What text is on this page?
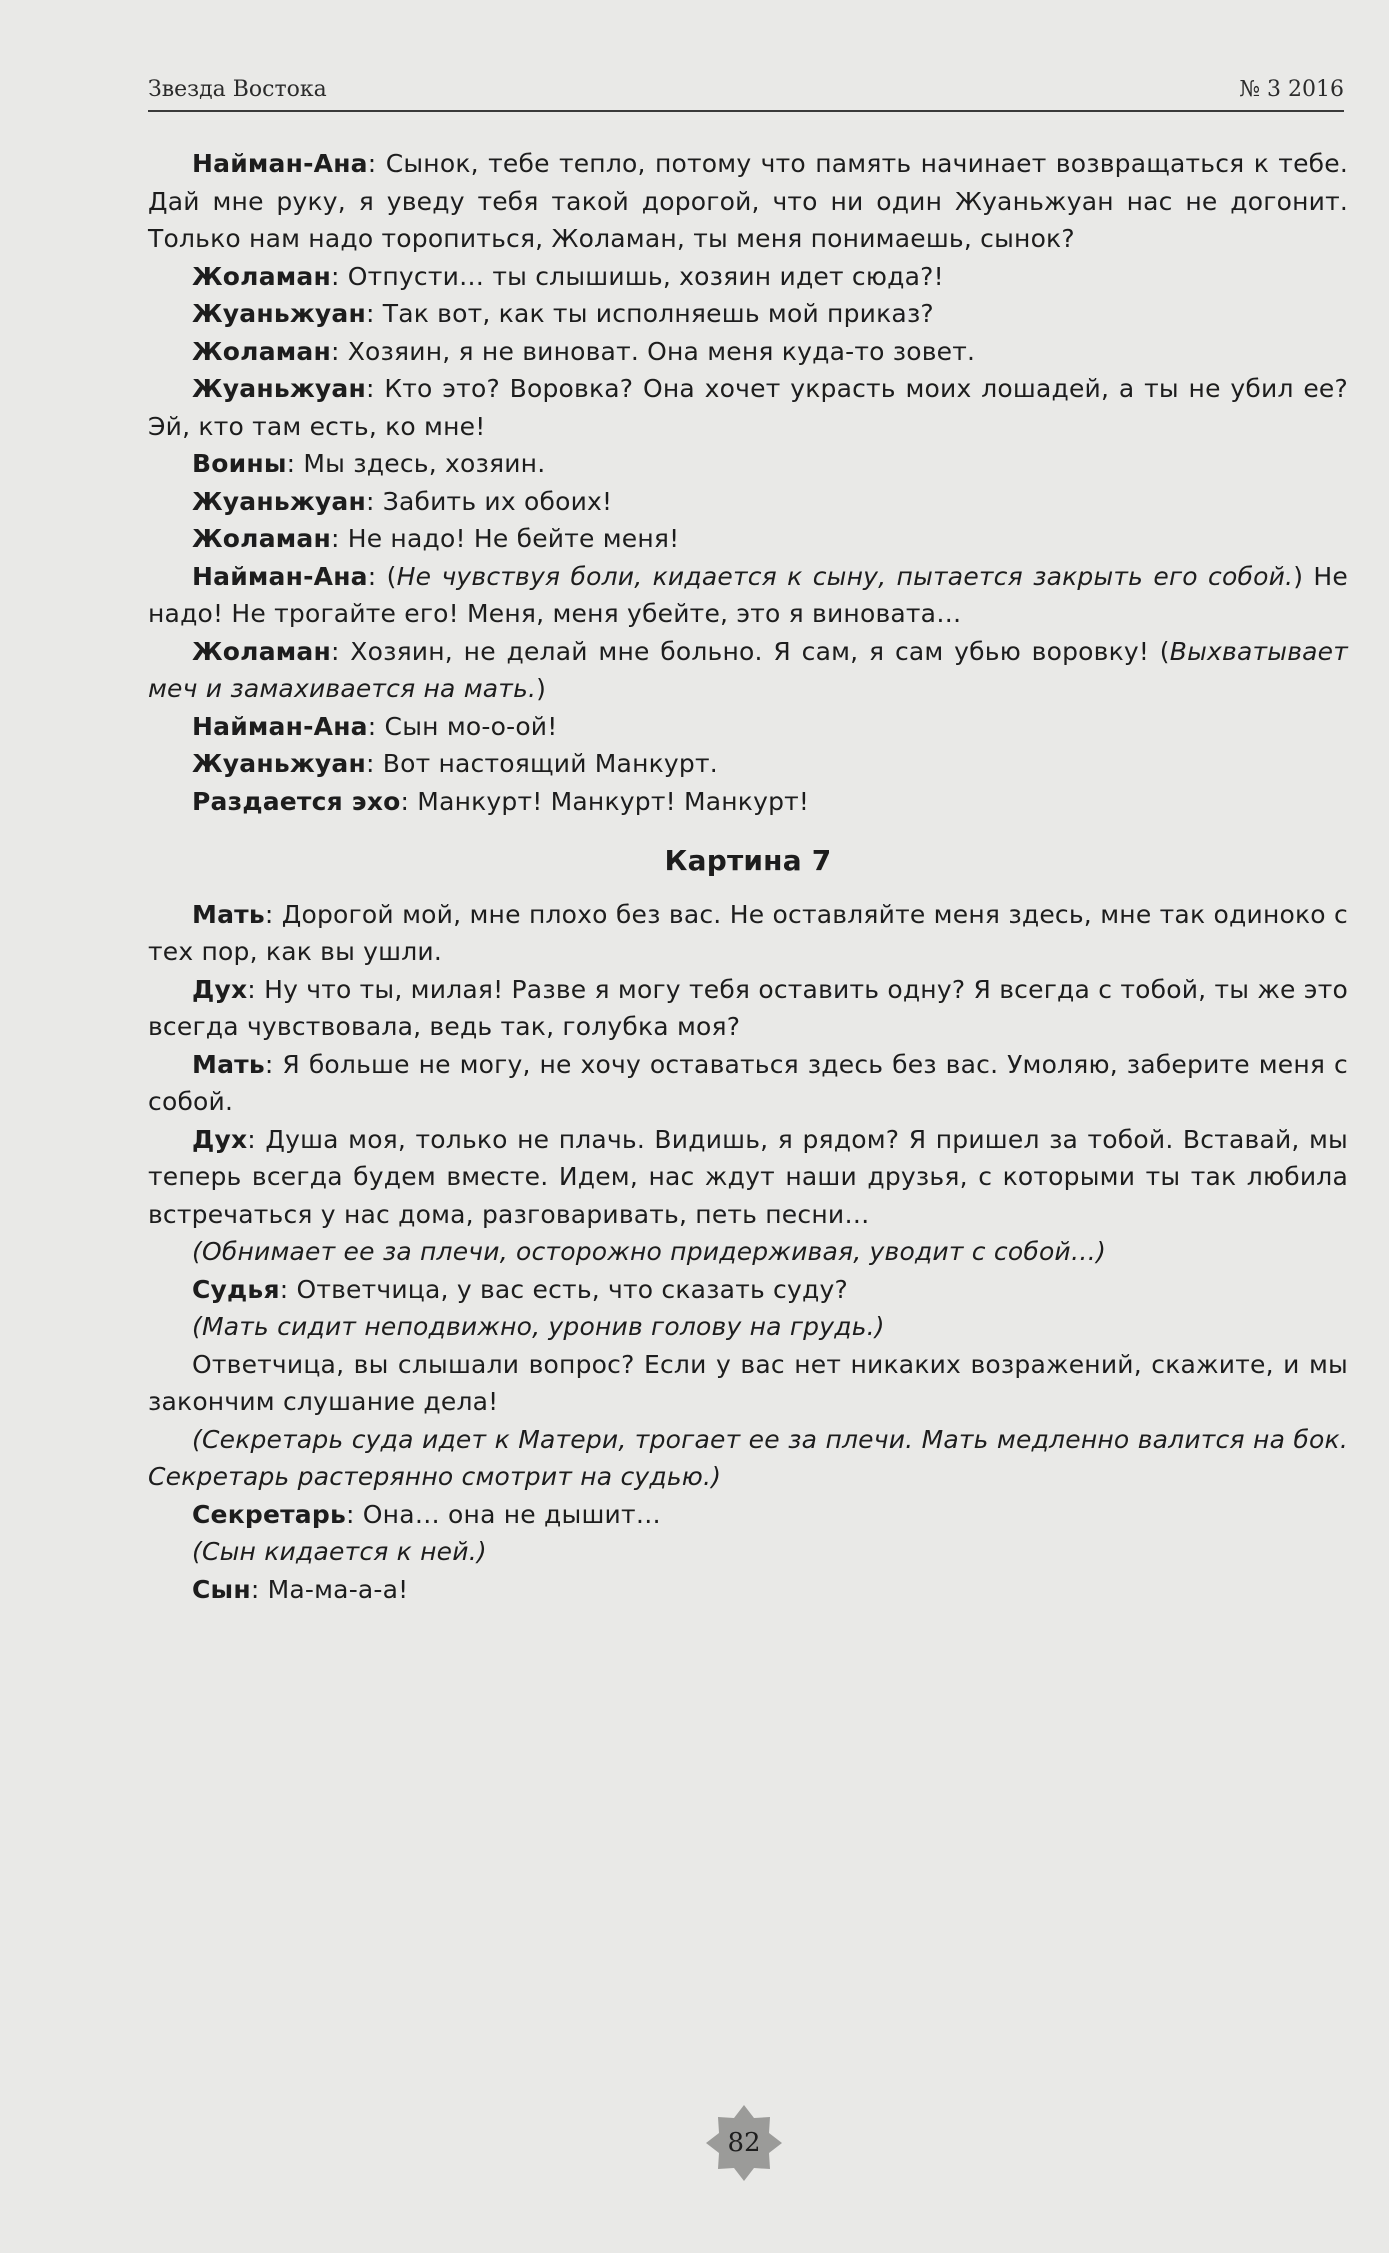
Звезда Востока	№ 3 2016

Найман-Ана: Сынок, тебе тепло, потому что память начинает возвращаться к тебе. Дай мне руку, я уведу тебя такой дорогой, что ни один Жуаньжуан нас не догонит. Только нам надо торопиться, Жоламан, ты меня понимаешь, сынок?

Жоламан: Отпусти… ты слышишь, хозяин идет сюда?!

Жуаньжуан: Так вот, как ты исполняешь мой приказ?

Жоламан: Хозяин, я не виноват. Она меня куда-то зовет.

Жуаньжуан: Кто это? Воровка? Она хочет украсть моих лошадей, а ты не убил ее? Эй, кто там есть, ко мне!

Воины: Мы здесь, хозяин.

Жуаньжуан: Забить их обоих!

Жоламан: Не надо! Не бейте меня!

Найман-Ана: (Не чувствуя боли, кидается к сыну, пытается закрыть его собой.) Не надо! Не трогайте его! Меня, меня убейте, это я виновата…

Жоламан: Хозяин, не делай мне больно. Я сам, я сам убью воровку! (Выхватывает меч и замахивается на мать.)

Найман-Ана: Сын мо-о-ой!

Жуаньжуан: Вот настоящий Манкурт.

Раздается эхо: Манкурт! Манкурт! Манкурт!

Картина 7

Мать: Дорогой мой, мне плохо без вас. Не оставляйте меня здесь, мне так одиноко с тех пор, как вы ушли.

Дух: Ну что ты, милая! Разве я могу тебя оставить одну? Я всегда с тобой, ты же это всегда чувствовала, ведь так, голубка моя?

Мать: Я больше не могу, не хочу оставаться здесь без вас. Умоляю, заберите меня с собой.

Дух: Душа моя, только не плачь. Видишь, я рядом? Я пришел за тобой. Вставай, мы теперь всегда будем вместе. Идем, нас ждут наши друзья, с которыми ты так любила встречаться у нас дома, разговаривать, петь песни…

(Обнимает ее за плечи, осторожно придерживая, уводит с собой…)

Судья: Ответчица, у вас есть, что сказать суду?

(Мать сидит неподвижно, уронив голову на грудь.)

Ответчица, вы слышали вопрос? Если у вас нет никаких возражений, скажите, и мы закончим слушание дела!

(Секретарь суда идет к Матери, трогает ее за плечи. Мать медленно валится на бок. Секретарь растерянно смотрит на судью.)

Секретарь: Она… она не дышит…

(Сын кидается к ней.)

Сын: Ма-ма-а-а!

82
